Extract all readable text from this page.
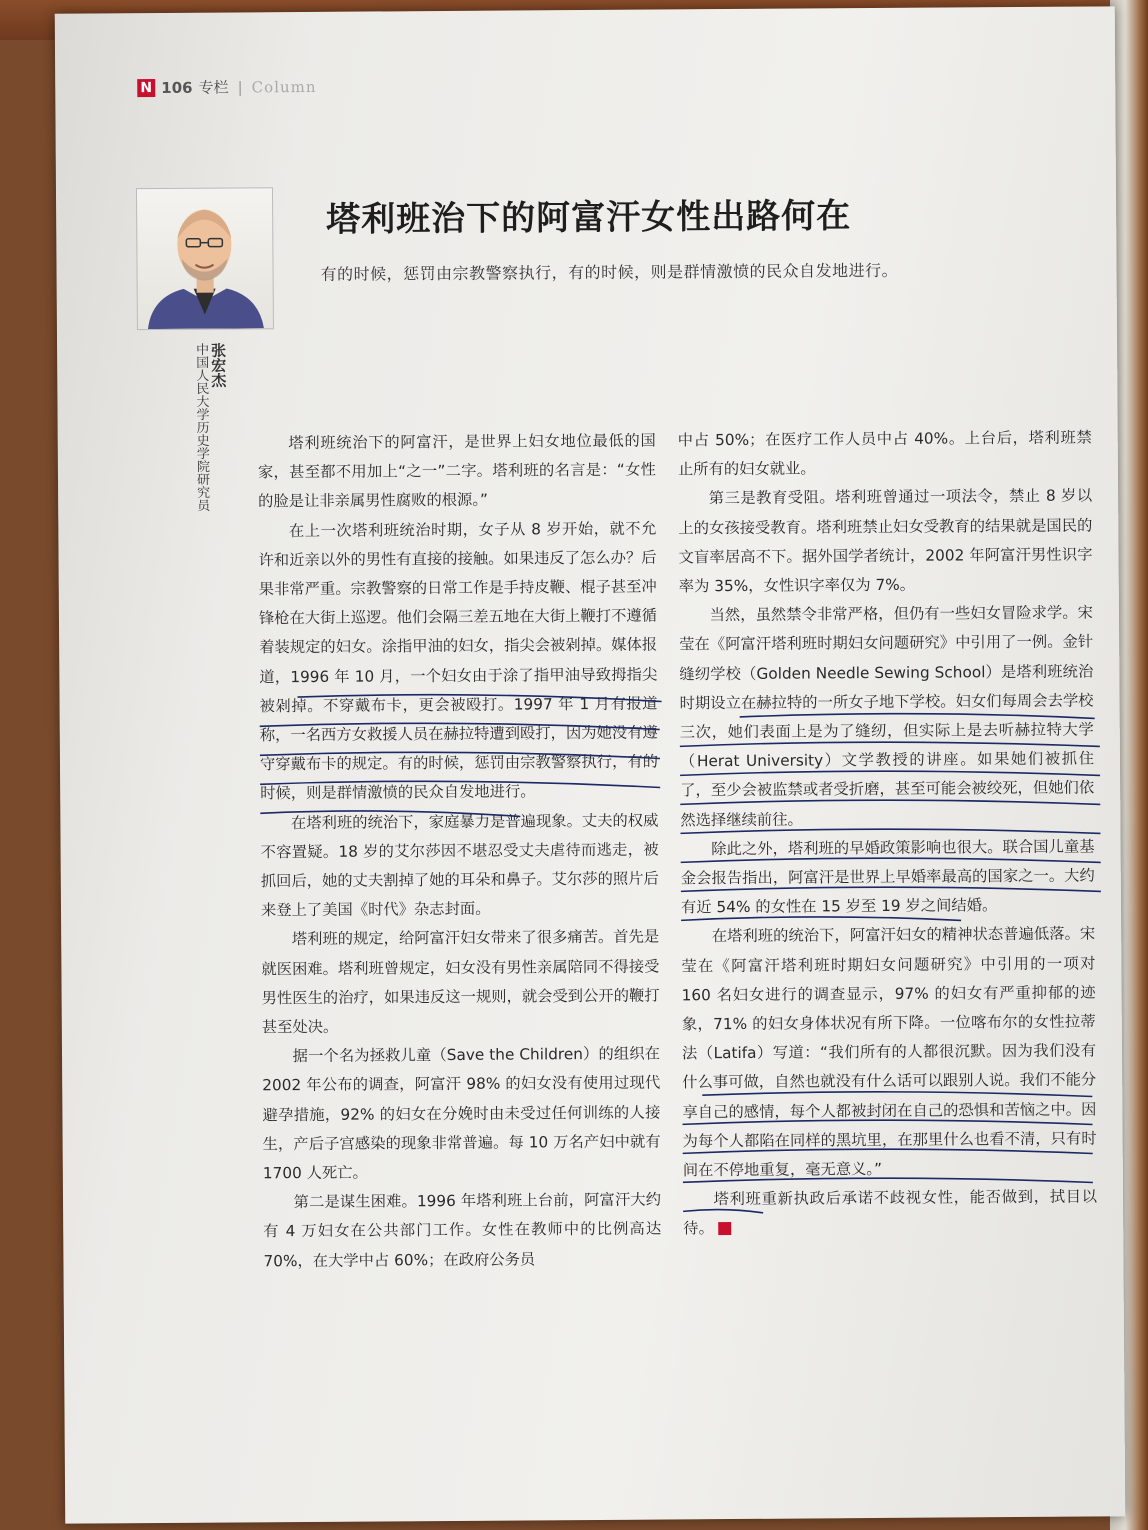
N 106 专栏 | Column
张宏杰
中国人民大学历史学院研究员
塔利班治下的阿富汗女性出路何在
有的时候，惩罚由宗教警察执行，有的时候，则是群情激愤的民众自发地进行。

塔利班统治下的阿富汗，是世界上妇女地位最低的国家，甚至都不用加上“之一”二字。塔利班的名言是：“女性的脸是让非亲属男性腐败的根源。”

在上一次塔利班统治时期，女子从 8 岁开始，就不允许和近亲以外的男性有直接的接触。如果违反了怎么办？后果非常严重。宗教警察的日常工作是手持皮鞭、棍子甚至冲锋枪在大街上巡逻。他们会隔三差五地在大街上鞭打不遵循着装规定的妇女。涂指甲油的妇女，指尖会被剁掉。媒体报道，1996 年 10 月，一个妇女由于涂了指甲油导致拇指尖被剁掉。不穿戴布卡，更会被殴打。1997 年 1 月有报道称，一名西方女救援人员在赫拉特遭到殴打，因为她没有遵守穿戴布卡的规定。有的时候，惩罚由宗教警察执行，有的时候，则是群情激愤的民众自发地进行。

在塔利班的统治下，家庭暴力是普遍现象。丈夫的权威不容置疑。18 岁的艾尔莎因不堪忍受丈夫虐待而逃走，被抓回后，她的丈夫割掉了她的耳朵和鼻子。艾尔莎的照片后来登上了美国《时代》杂志封面。

塔利班的规定，给阿富汗妇女带来了很多痛苦。首先是就医困难。塔利班曾规定，妇女没有男性亲属陪同不得接受男性医生的治疗，如果违反这一规则，就会受到公开的鞭打甚至处决。

据一个名为拯救儿童（Save the Children）的组织在 2002 年公布的调查，阿富汗 98% 的妇女没有使用过现代避孕措施，92% 的妇女在分娩时由未受过任何训练的人接生，产后子宫感染的现象非常普遍。每 10 万名产妇中就有 1700 人死亡。

第二是谋生困难。1996 年塔利班上台前，阿富汗大约有 4 万妇女在公共部门工作。女性在教师中的比例高达 70%，在大学中占 60%；在政府公务员

中占 50%；在医疗工作人员中占 40%。上台后，塔利班禁止所有的妇女就业。

第三是教育受阻。塔利班曾通过一项法令，禁止 8 岁以上的女孩接受教育。塔利班禁止妇女受教育的结果就是国民的文盲率居高不下。据外国学者统计，2002 年阿富汗男性识字率为 35%，女性识字率仅为 7%。

当然，虽然禁令非常严格，但仍有一些妇女冒险求学。宋莹在《阿富汗塔利班时期妇女问题研究》中引用了一例。金针缝纫学校（Golden Needle Sewing School）是塔利班统治时期设立在赫拉特的一所女子地下学校。妇女们每周会去学校三次，她们表面上是为了缝纫，但实际上是去听赫拉特大学（Herat University）文学教授的讲座。如果她们被抓住了，至少会被监禁或者受折磨，甚至可能会被绞死，但她们依然选择继续前往。

除此之外，塔利班的早婚政策影响也很大。联合国儿童基金会报告指出，阿富汗是世界上早婚率最高的国家之一。大约有近 54% 的女性在 15 岁至 19 岁之间结婚。

在塔利班的统治下，阿富汗妇女的精神状态普遍低落。宋莹在《阿富汗塔利班时期妇女问题研究》中引用的一项对 160 名妇女进行的调查显示，97% 的妇女有严重抑郁的迹象，71% 的妇女身体状况有所下降。一位喀布尔的女性拉蒂法（Latifa）写道：“我们所有的人都很沉默。因为我们没有什么事可做，自然也就没有什么话可以跟别人说。我们不能分享自己的感情，每个人都被封闭在自己的恐惧和苦恼之中。因为每个人都陷在同样的黑坑里，在那里什么也看不清，只有时间在不停地重复，毫无意义。”

塔利班重新执政后承诺不歧视女性，能否做到，拭目以待。
